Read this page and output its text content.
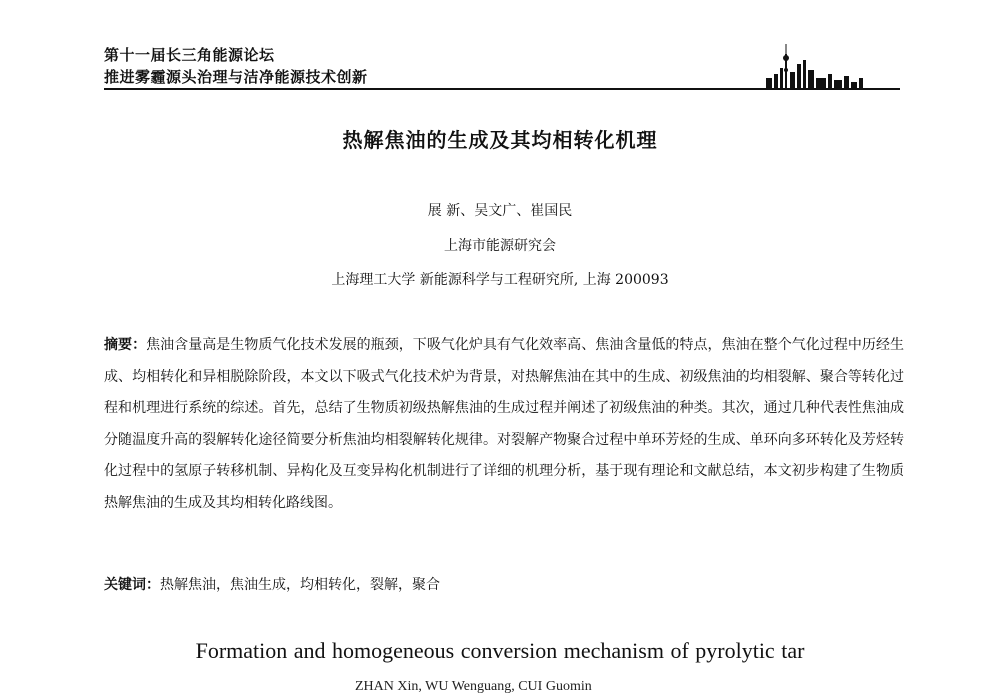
第十一届长三角能源论坛
推进雾霾源头治理与洁净能源技术创新
热解焦油的生成及其均相转化机理
展 新、吴文广、崔国民
上海市能源研究会
上海理工大学 新能源科学与工程研究所, 上海 200093
摘要：焦油含量高是生物质气化技术发展的瓶颈，下吸气化炉具有气化效率高、焦油含量低的特点，焦油在整个气化过程中历经生成、均相转化和异相脱除阶段，本文以下吸式气化技术炉为背景，对热解焦油在其中的生成、初级焦油的均相裂解、聚合等转化过程和机理进行系统的综述。首先，总结了生物质初级热解焦油的生成过程并阐述了初级焦油的种类。其次，通过几种代表性焦油成分随温度升高的裂解转化途径简要分析焦油均相裂解转化规律。对裂解产物聚合过程中单环芳烃的生成、单环向多环转化及芳烃转化过程中的氢原子转移机制、异构化及互变异构化机制进行了详细的机理分析，基于现有理论和文献总结，本文初步构建了生物质热解焦油的生成及其均相转化路线图。
关键词：热解焦油，焦油生成，均相转化，裂解，聚合
Formation and homogeneous conversion mechanism of pyrolytic tar
ZHAN Xin, WU Wenguang, CUI Guomin
